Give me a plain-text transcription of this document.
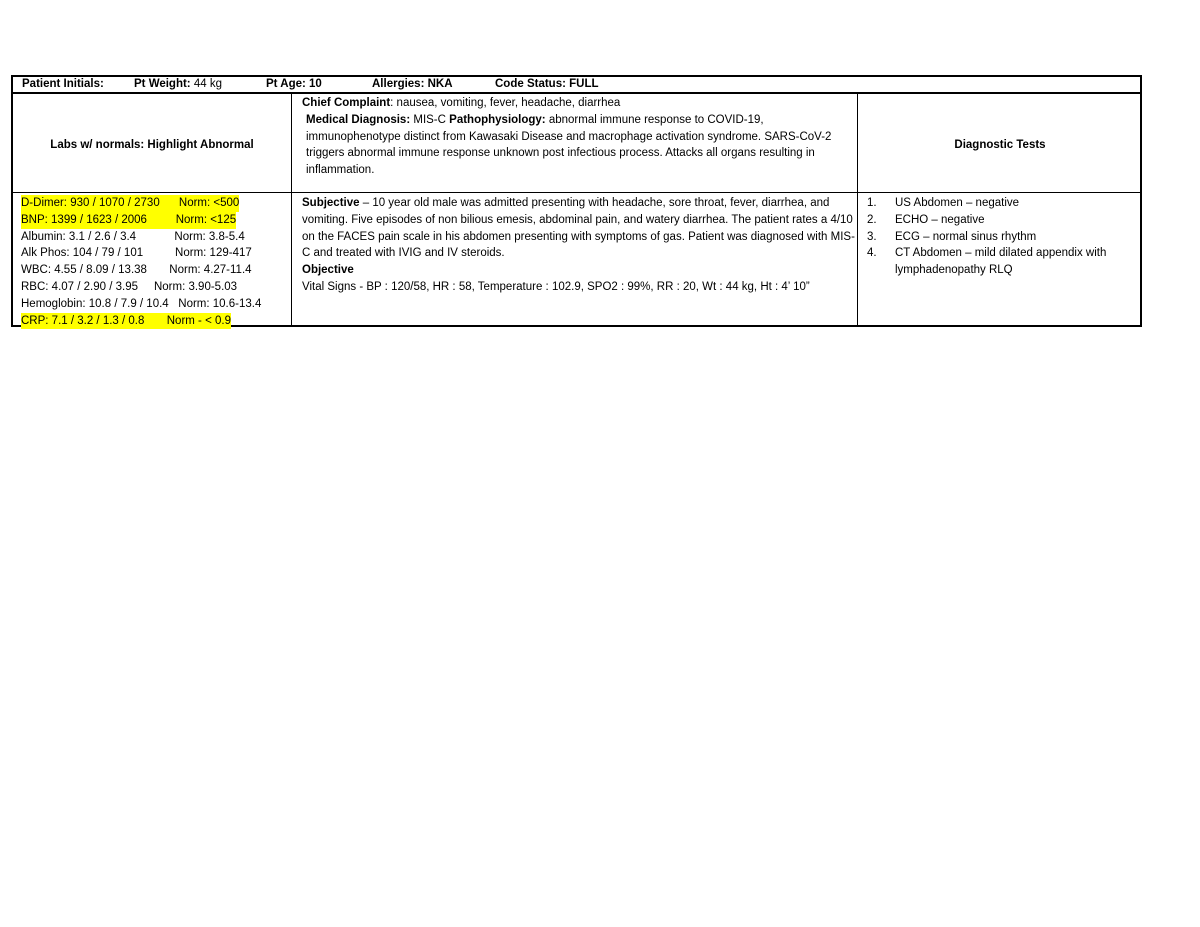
Patient Initials:	Pt Weight: 44 kg	Pt Age: 10	Allergies: NKA	Code Status: FULL
Labs w/ normals: Highlight Abnormal
D-Dimer: 930 / 1070 / 2730      Norm: <500
BNP: 1399 / 1623 / 2006         Norm: <125
Albumin: 3.1 / 2.6 / 3.4            Norm: 3.8-5.4
Alk Phos: 104 / 79 / 101          Norm: 129-417
WBC: 4.55 / 8.09 / 13.38       Norm: 4.27-11.4
RBC: 4.07 / 2.90 / 3.95     Norm: 3.90-5.03
Hemoglobin: 10.8 / 7.9 / 10.4   Norm: 10.6-13.4
CRP: 7.1 / 3.2 / 1.3 / 0.8       Norm - < 0.9
Chief Complaint: nausea, vomiting, fever, headache, diarrhea
Medical Diagnosis: MIS-C Pathophysiology: abnormal immune response to COVID-19, immunophenotype distinct from Kawasaki Disease and macrophage activation syndrome. SARS-CoV-2 triggers abnormal immune response unknown post infectious process. Attacks all organs resulting in inflammation.
Subjective – 10 year old male was admitted presenting with headache, sore throat, fever, diarrhea, and vomiting. Five episodes of non bilious emesis, abdominal pain, and watery diarrhea. The patient rates a 4/10 on the FACES pain scale in his abdomen presenting with symptoms of gas. Patient was diagnosed with MIS-C and treated with IVIG and IV steroids.
Objective
Vital Signs - BP : 120/58, HR : 58, Temperature : 102.9, SPO2 : 99%, RR : 20, Wt : 44 kg, Ht : 4’ 10”
Diagnostic Tests
1. US Abdomen – negative
2. ECHO – negative
3. ECG – normal sinus rhythm
4. CT Abdomen – mild dilated appendix with lymphadenopathy RLQ
